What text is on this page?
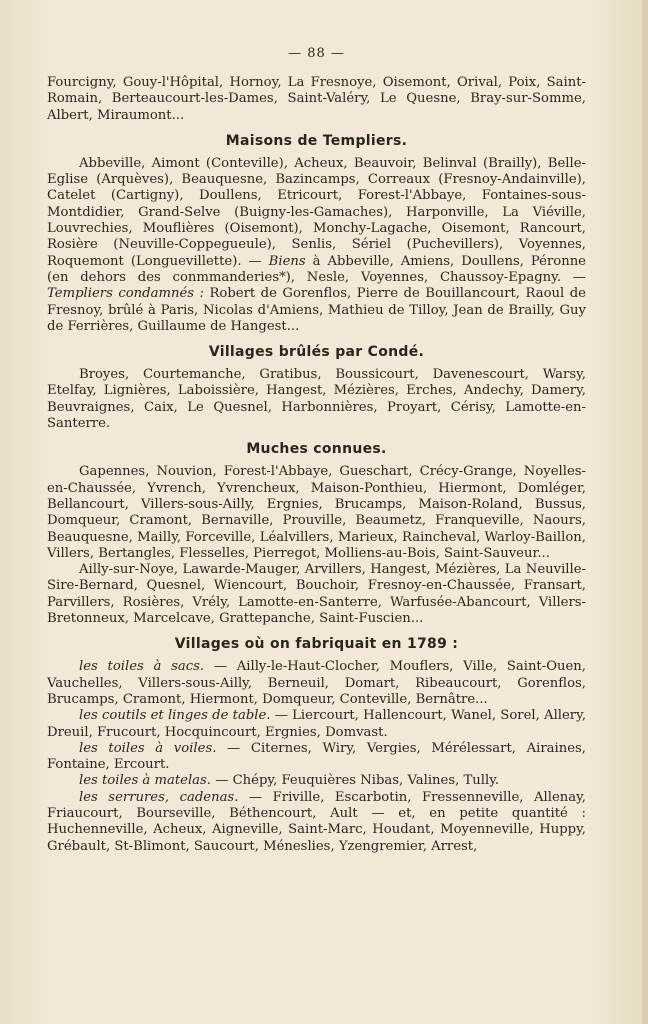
— 88 —

Fourcigny, Gouy-l'Hôpital, Hornoy, La Fresnoye, Oisemont, Orival, Poix, Saint-Romain, Berteaucourt-les-Dames, Saint-Valéry, Le Quesne, Bray-sur-Somme, Albert, Miraumont...

Maisons de Templiers.

Abbeville, Aimont (Conteville), Acheux, Beauvoir, Belinval (Brailly), Belle-Eglise (Arquèves), Beauquesne, Bazincamps, Correaux (Fresnoy-Andainville), Catelet (Cartigny), Doullens, Etricourt, Forest-l'Abbaye, Fontaines-sous-Montdidier, Grand-Selve (Buigny-les-Gamaches), Harponville, La Viéville, Louvrechies, Mouflières (Oisemont), Monchy-Lagache, Oisemont, Rancourt, Rosière (Neuville-Coppegueule), Senlis, Sériel (Puchevillers), Voyennes, Roquemont (Longuevillette). — Biens à Abbeville, Amiens, Doullens, Péronne (en dehors des conmmanderies*), Nesle, Voyennes, Chaussoy-Epagny. — Templiers condamnés : Robert de Gorenflos, Pierre de Bouillancourt, Raoul de Fresnoy, brûlé à Paris, Nicolas d'Amiens, Mathieu de Tilloy, Jean de Brailly, Guy de Ferrières, Guillaume de Hangest...

Villages brûlés par Condé.

Broyes, Courtemanche, Gratibus, Boussicourt, Davenescourt, Warsy, Etelfay, Lignières, Laboissière, Hangest, Mézières, Erches, Andechy, Damery, Beuvraignes, Caix, Le Quesnel, Harbonnières, Proyart, Cérisy, Lamotte-en-Santerre.

Muches connues.

Gapennes, Nouvion, Forest-l'Abbaye, Gueschart, Crécy-Grange, Noyelles-en-Chaussée, Yvrench, Yvrencheux, Maison-Ponthieu, Hiermont, Domléger, Bellancourt, Villers-sous-Ailly, Ergnies, Brucamps, Maison-Roland, Bussus, Domqueur, Cramont, Bernaville, Prouville, Beaumetz, Franqueville, Naours, Beauquesne, Mailly, Forceville, Léalvillers, Marieux, Raincheval, Warloy-Baillon, Villers, Bertangles, Flesselles, Pierregot, Molliens-au-Bois, Saint-Sauveur...

Ailly-sur-Noye, Lawarde-Mauger, Arvillers, Hangest, Mézières, La Neuville-Sire-Bernard, Quesnel, Wiencourt, Bouchoir, Fresnoy-en-Chaussée, Fransart, Parvillers, Rosières, Vrély, Lamotte-en-Santerre, Warfusée-Abancourt, Villers-Bretonneux, Marcelcave, Grattepanche, Saint-Fuscien...

Villages où on fabriquait en 1789 :

les toiles à sacs. — Ailly-le-Haut-Clocher, Mouflers, Ville, Saint-Ouen, Vauchelles, Villers-sous-Ailly, Berneuil, Domart, Ribeaucourt, Gorenflos, Brucamps, Cramont, Hiermont, Domqueur, Conteville, Bernâtre...

les coutils et linges de table. — Liercourt, Hallencourt, Wanel, Sorel, Allery, Dreuil, Frucourt, Hocquincourt, Ergnies, Domvast.

les toiles à voiles. — Citernes, Wiry, Vergies, Mérélessart, Airaines, Fontaine, Ercourt.

les toiles à matelas. — Chépy, Feuquières Nibas, Valines, Tully.

les serrures, cadenas. — Friville, Escarbotin, Fressenneville, Allenay, Friaucourt, Bourseville, Béthencourt, Ault — et, en petite quantité : Huchenneville, Acheux, Aigneville, Saint-Marc, Houdant, Moyenneville, Huppy, Grébault, St-Blimont, Saucourt, Méneslies, Yzengremier, Arrest,
